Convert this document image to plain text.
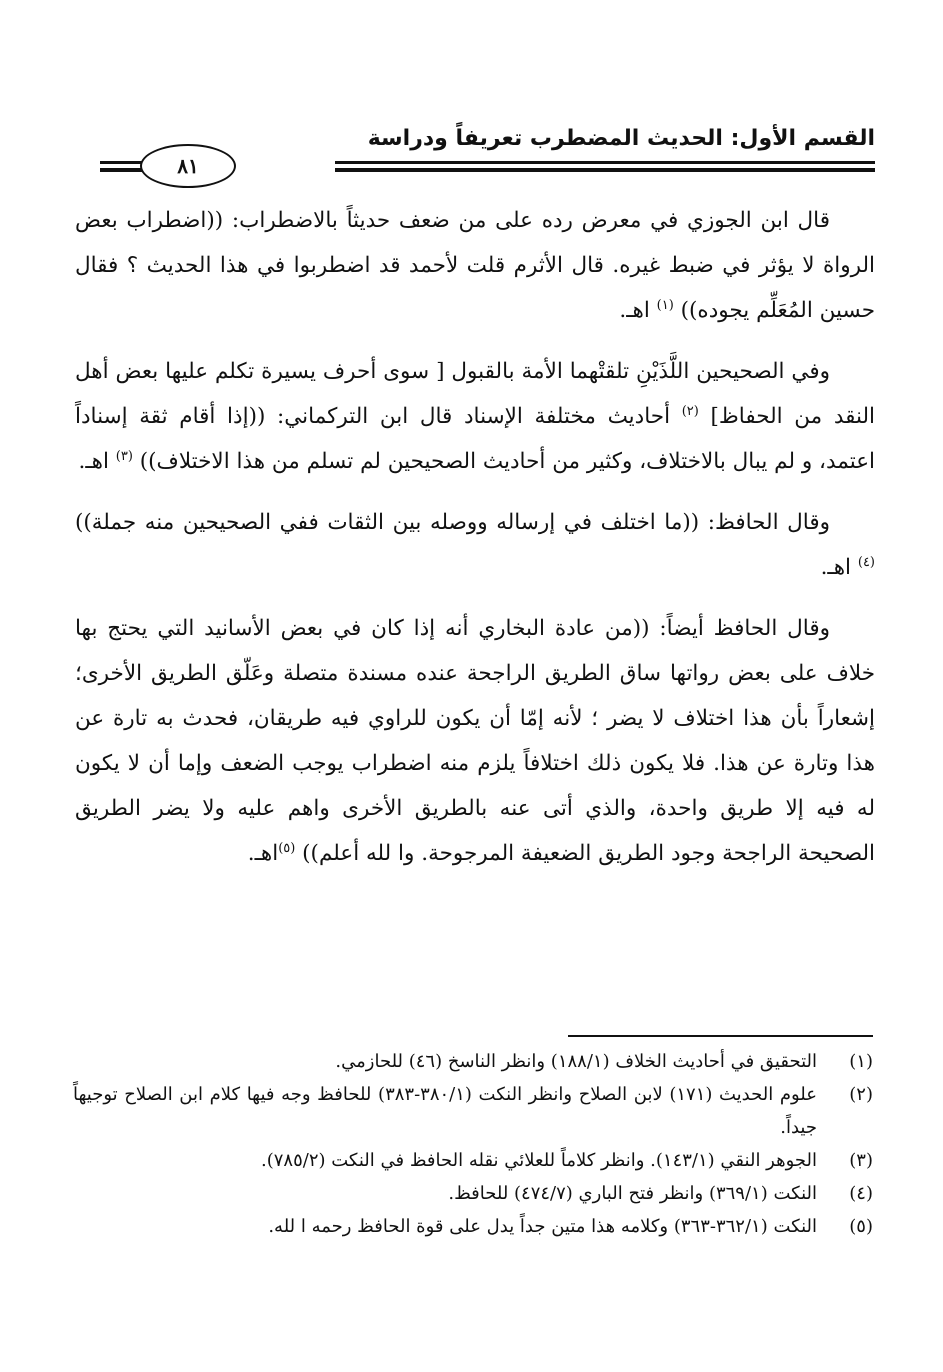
القسم الأول: الحديث المضطرب تعريفاً ودراسة
٨١

قال ابن الجوزي في معرض رده على من ضعف حديثاً بالاضطراب: ((اضطراب بعض الرواة لا يؤثر في ضبط غيره. قال الأثرم قلت لأحمد قد اضطربوا في هذا الحديث ؟ فقال حسين المُعَلِّم يجوده)) $^{(١)}$ اهـ.

وفي الصحيحين اللَّذَيْنِ تلقتْهما الأمة بالقبول [ سوى أحرف يسيرة تكلم عليها بعض أهل النقد من الحفاظ] $^{(٢)}$ أحاديث مختلفة الإسناد قال ابن التركماني: ((إذا أقام ثقة إسناداً اعتمد، و لم يبال بالاختلاف، وكثير من أحاديث الصحيحين لم تسلم من هذا الاختلاف)) $^{(٣)}$ اهـ.

وقال الحافظ: ((ما اختلف في إرساله ووصله بين الثقات ففي الصحيحين منه جملة)) $^{(٤)}$ اهـ.

وقال الحافظ أيضاً: ((من عادة البخاري أنه إذا كان في بعض الأسانيد التي يحتج بها خلاف على بعض رواتها ساق الطريق الراجحة عنده مسندة متصلة وعَلّق الطريق الأخرى؛ إشعاراً بأن هذا اختلاف لا يضر ؛ لأنه إمّا أن يكون للراوي فيه طريقان، فحدث به تارة عن هذا وتارة عن هذا. فلا يكون ذلك اختلافاً يلزم منه اضطراب يوجب الضعف وإما أن لا يكون له فيه إلا طريق واحدة، والذي أتى عنه بالطريق الأخرى واهم عليه ولا يضر الطريق الصحيحة الراجحة وجود الطريق الضعيفة المرجوحة. وا لله أعلم)) $^{(٥)}$اهـ.

(١)
التحقيق في أحاديث الخلاف (١٨٨/١) وانظر الناسخ (٤٦) للحازمي.
(٢)
علوم الحديث (١٧١) لابن الصلاح وانظر النكت (٣٨٠/١-٣٨٣) للحافظ وجه فيها كلام ابن الصلاح توجيهاً جيداً.
(٣)
الجوهر النقي (١٤٣/١). وانظر كلاماً للعلائي نقله الحافظ في النكت (٧٨٥/٢).
(٤)
النكت (٣٦٩/١) وانظر فتح الباري (٤٧٤/٧) للحافظ.
(٥)
النكت (٣٦٢/١-٣٦٣) وكلامه هذا متين جداً يدل على قوة الحافظ رحمه ا لله.
